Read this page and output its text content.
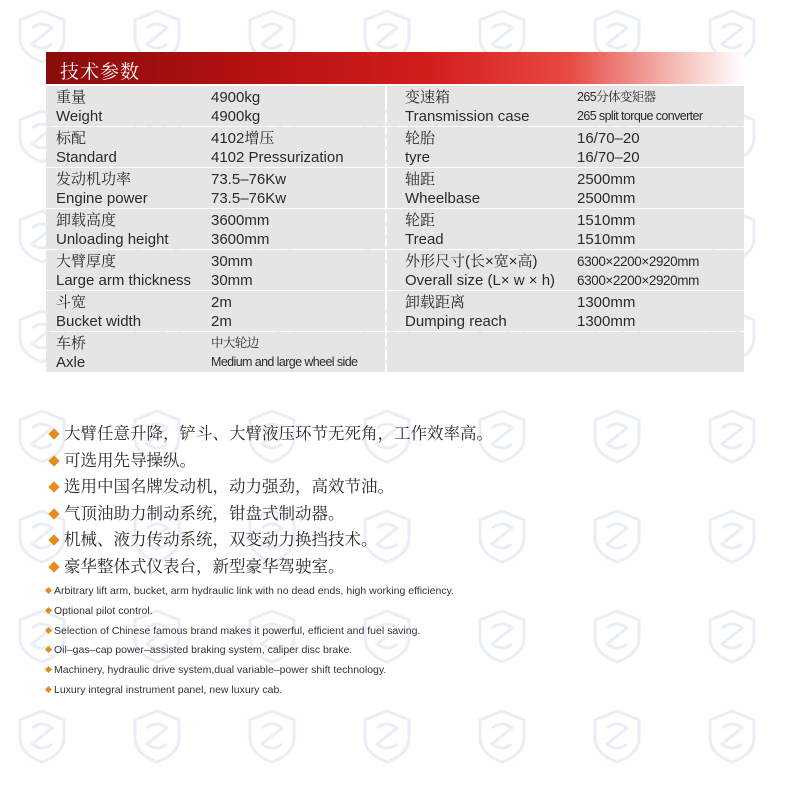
技术参数
重量
Weight
4900kg
4900kg
变速箱
Transmission case
265分体变矩器
265 split torque converter
标配
Standard
4102增压
4102 Pressurization
轮胎
tyre
16/70–20
16/70–20
发动机功率
Engine power
73.5–76Kw
73.5–76Kw
轴距
Wheelbase
2500mm
2500mm
卸载高度
Unloading height
3600mm
3600mm
轮距
Tread
1510mm
1510mm
大臂厚度
Large arm thickness
30mm
30mm
外形尺寸(长×宽×高)
Overall size (L× w × h)
6300×2200×2920mm
6300×2200×2920mm
斗宽
Bucket width
2m
2m
卸载距离
Dumping reach
1300mm
1300mm
车桥
Axle
中大轮边
Medium and large wheel side
大臂任意升降，铲斗、大臂液压环节无死角，工作效率高。
可选用先导操纵。
选用中国名牌发动机，动力强劲，高效节油。
气顶油助力制动系统，钳盘式制动器。
机械、液力传动系统，双变动力换挡技术。
豪华整体式仪表台，新型豪华驾驶室。
Arbitrary lift arm, bucket, arm hydraulic link with no dead ends, high working efficiency.
Optional pilot control.
Selection of Chinese famous brand makes it powerful, efficient and fuel saving.
Oil–gas–cap power–assisted braking system, caliper disc brake.
Machinery, hydraulic drive system,dual variable–power shift technology.
Luxury integral instrument panel, new luxury cab.
